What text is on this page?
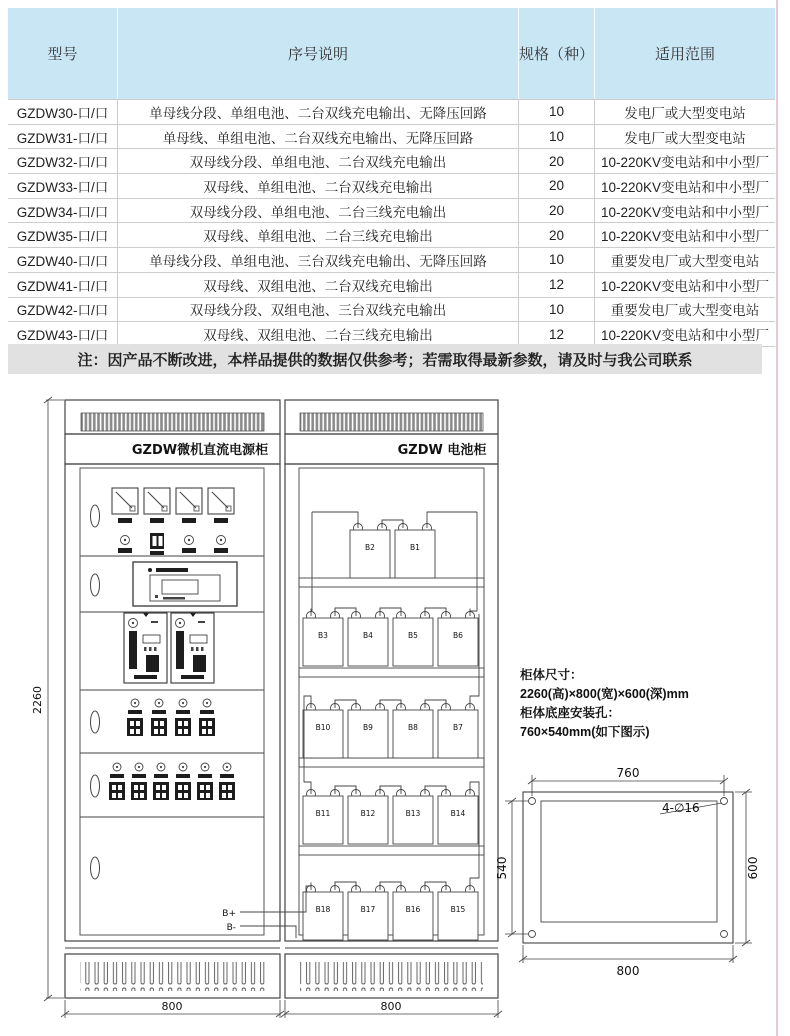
型号	序号说明	规格（种）	适用范围
GZDW30-口/口	单母线分段、单组电池、二台双线充电输出、无降压回路	10	发电厂或大型变电站
GZDW31-口/口	单母线、单组电池、二台双线充电输出、无降压回路	10	发电厂或大型变电站
GZDW32-口/口	双母线分段、单组电池、二台双线充电输出	20	10-220KV变电站和中小型厂
GZDW33-口/口	双母线、单组电池、二台双线充电输出	20	10-220KV变电站和中小型厂
GZDW34-口/口	双母线分段、单组电池、二台三线充电输出	20	10-220KV变电站和中小型厂
GZDW35-口/口	双母线、单组电池、二台三线充电输出	20	10-220KV变电站和中小型厂
GZDW40-口/口	单母线分段、单组电池、三台双线充电输出、无降压回路	10	重要发电厂或大型变电站
GZDW41-口/口	双母线、双组电池、二台双线充电输出	12	10-220KV变电站和中小型厂
GZDW42-口/口	双母线分段、双组电池、三台双线充电输出	10	重要发电厂或大型变电站
GZDW43-口/口	双母线、双组电池、二台三线充电输出	12	10-220KV变电站和中小型厂
注：因产品不断改进，本样品提供的数据仅供参考；若需取得最新参数，请及时与我公司联系
GZDW微机直流电源柜	GZDW 电池柜
B2	B1
B3	B4	B5	B6
B10	B9	B8	B7
B11	B12	B13	B14
B18	B17	B16	B15
B+
B-
2260
800	800
760
540	600
800
4-∅16
柜体尺寸：
2260(高)×800(宽)×600(深)mm
柜体底座安装孔：
760×540mm(如下图示)
